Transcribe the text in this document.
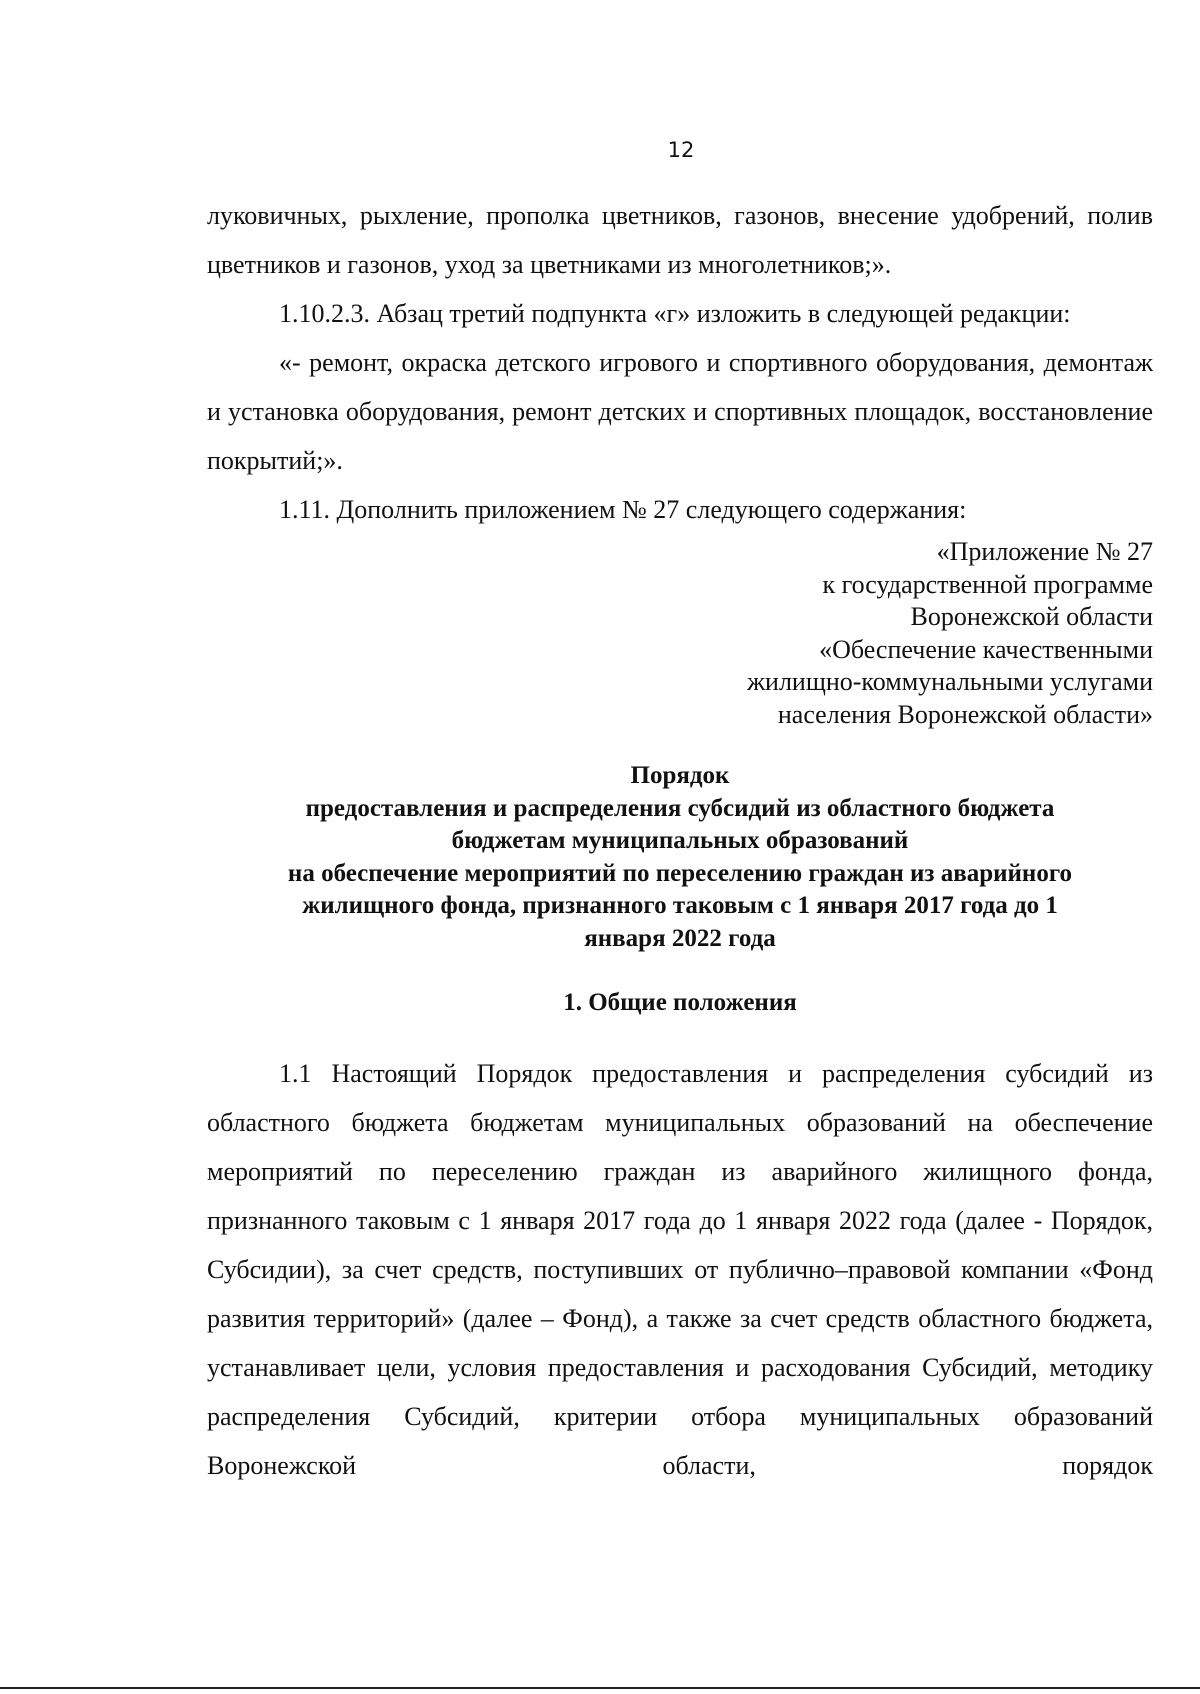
12

луковичных, рыхление, прополка цветников, газонов, внесение удобрений, полив цветников и газонов, уход за цветниками из многолетников;».

1.10.2.3. Абзац третий подпункта «г» изложить в следующей редакции:

«- ремонт, окраска детского игрового и спортивного оборудования, демонтаж и установка оборудования, ремонт детских и спортивных площадок, восстановление покрытий;».

1.11. Дополнить приложением № 27 следующего содержания:

«Приложение № 27
к государственной программе
Воронежской области
«Обеспечение качественными
жилищно-коммунальными услугами
населения Воронежской области»
Порядок
предоставления и распределения субсидий из областного бюджета
бюджетам муниципальных образований
на обеспечение мероприятий по переселению граждан из аварийного
жилищного фонда, признанного таковым с 1 января 2017 года до 1
января 2022 года
1. Общие положения

1.1 Настоящий Порядок предоставления и распределения субсидий из областного бюджета бюджетам муниципальных образований на обеспечение мероприятий по переселению граждан из аварийного жилищного фонда, признанного таковым с 1 января 2017 года до 1 января 2022 года (далее - Порядок, Субсидии), за счет средств, поступивших от публично–правовой компании «Фонд развития территорий» (далее – Фонд), а также за счет средств областного бюджета, устанавливает цели, условия предоставления и расходования Субсидий, методику распределения Субсидий, критерии отбора муниципальных образований Воронежской области, порядок
